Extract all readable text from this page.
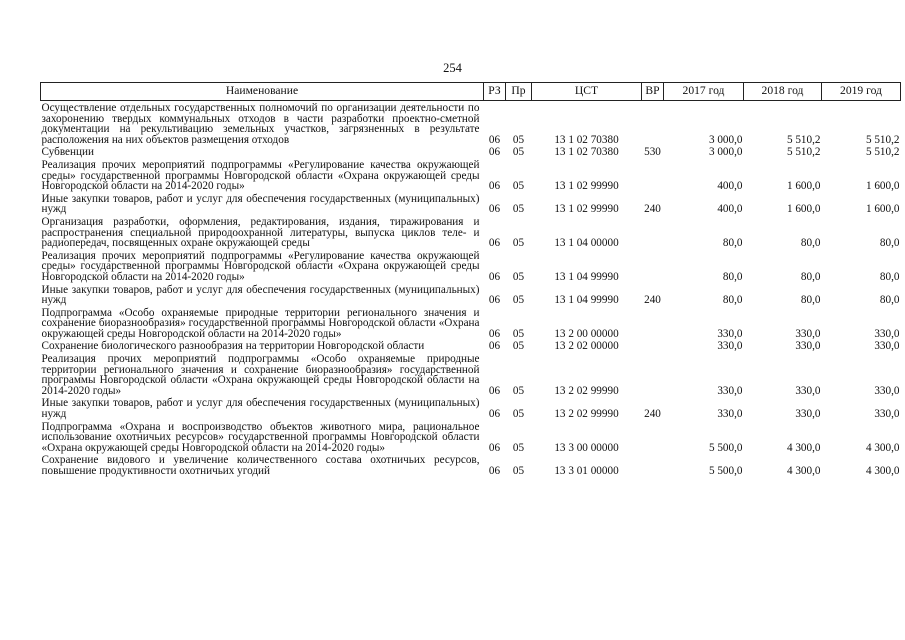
254
Наименование	РЗ	Пр	ЦСТ	ВР	2017 год	2018 год	2019 год
Осуществление отдельных государственных полномочий по организации деятельности по захоронению твердых коммунальных отходов в части разработки проектно-сметной документации на рекультивацию земельных участков, загрязненных в результате расположения на них объектов размещения отходов	06	05	13 1 02 70380		3 000,0	5 510,2	5 510,2
Субвенции	06	05	13 1 02 70380	530	3 000,0	5 510,2	5 510,2
Реализация прочих мероприятий подпрограммы «Регулирование качества окружающей среды» государственной программы Новгородской области «Охрана окружающей среды Новгородской области на 2014-2020 годы»	06	05	13 1 02 99990		400,0	1 600,0	1 600,0
Иные закупки товаров, работ и услуг для обеспечения государственных (муниципальных) нужд	06	05	13 1 02 99990	240	400,0	1 600,0	1 600,0
Организация разработки, оформления, редактирования, издания, тиражирования и распространения специальной природоохранной литературы, выпуска циклов теле- и радиопередач, посвященных охране окружающей среды	06	05	13 1 04 00000		80,0	80,0	80,0
Реализация прочих мероприятий подпрограммы «Регулирование качества окружающей среды» государственной программы Новгородской области «Охрана окружающей среды Новгородской области на 2014-2020 годы»	06	05	13 1 04 99990		80,0	80,0	80,0
Иные закупки товаров, работ и услуг для обеспечения государственных (муниципальных) нужд	06	05	13 1 04 99990	240	80,0	80,0	80,0
Подпрограмма «Особо охраняемые природные территории регионального значения и сохранение биоразнообразия» государственной программы Новгородской области «Охрана окружающей среды Новгородской области на 2014-2020 годы»	06	05	13 2 00 00000		330,0	330,0	330,0
Сохранение биологического разнообразия на территории Новгородской области	06	05	13 2 02 00000		330,0	330,0	330,0
Реализация прочих мероприятий подпрограммы «Особо охраняемые природные территории регионального значения и сохранение биоразнообразия» государственной программы Новгородской области «Охрана окружающей среды Новгородской области на 2014-2020 годы»	06	05	13 2 02 99990		330,0	330,0	330,0
Иные закупки товаров, работ и услуг для обеспечения государственных (муниципальных) нужд	06	05	13 2 02 99990	240	330,0	330,0	330,0
Подпрограмма «Охрана и воспроизводство объектов животного мира, рациональное использование охотничьих ресурсов» государственной программы Новгородской области «Охрана окружающей среды Новгородской области на 2014-2020 годы»	06	05	13 3 00 00000		5 500,0	4 300,0	4 300,0
Сохранение видового и увеличение количественного состава охотничьих ресурсов, повышение продуктивности охотничьих угодий	06	05	13 3 01 00000		5 500,0	4 300,0	4 300,0
